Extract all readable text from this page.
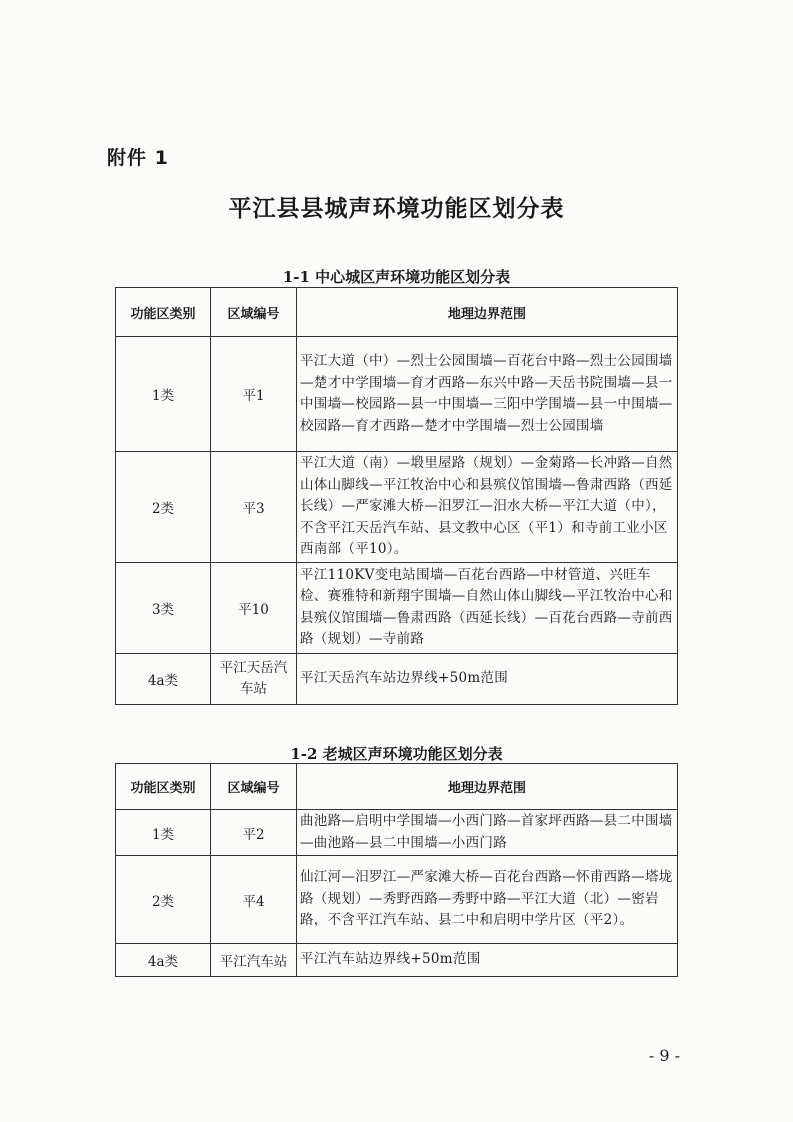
附件 1
平江县县城声环境功能区划分表
1-1 中心城区声环境功能区划分表
功能区类别	区域编号	地理边界范围
1类	平1	平江大道（中）—烈士公园围墙—百花台中路—烈士公园围墙—楚才中学围墙—育才西路—东兴中路—天岳书院围墙—县一中围墙—校园路—县一中围墙—三阳中学围墙—县一中围墙—校园路—育才西路—楚才中学围墙—烈士公园围墙
2类	平3	平江大道（南）—塅里屋路（规划）—金菊路—长冲路—自然山体山脚线—平江牧治中心和县殡仪馆围墙—鲁肃西路（西延长线）—严家滩大桥—汨罗江—汨水大桥—平江大道（中），不含平江天岳汽车站、县文教中心区（平1）和寺前工业小区西南部（平10）。
3类	平10	平江110KV变电站围墙—百花台西路—中材管道、兴旺车检、赛雅特和新翔宇围墙—自然山体山脚线—平江牧治中心和县殡仪馆围墙—鲁肃西路（西延长线）—百花台西路—寺前西路（规划）—寺前路
4a类	平江天岳汽车站	平江天岳汽车站边界线+50m范围
1-2 老城区声环境功能区划分表
功能区类别	区域编号	地理边界范围
1类	平2	曲池路—启明中学围墙—小西门路—首家坪西路—县二中围墙—曲池路—县二中围墙—小西门路
2类	平4	仙江河—汨罗江—严家滩大桥—百花台西路—怀甫西路—塔垅路（规划）—秀野西路—秀野中路—平江大道（北）—密岩路，不含平江汽车站、县二中和启明中学片区（平2）。
4a类	平江汽车站	平江汽车站边界线+50m范围
- 9 -
